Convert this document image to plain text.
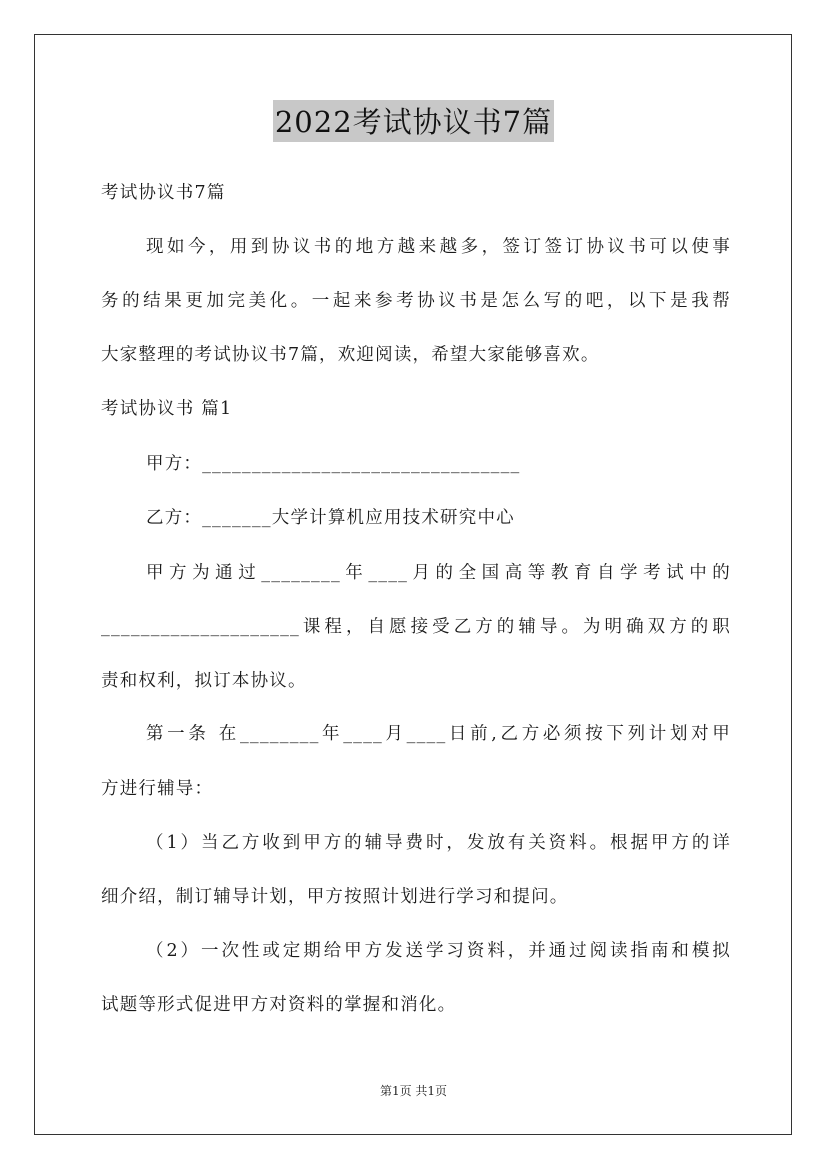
2022考试协议书7篇
考试协议书7篇
现如今，用到协议书的地方越来越多，签订签订协议书可以使事
务的结果更加完美化。一起来参考协议书是怎么写的吧，以下是我帮
大家整理的考试协议书7篇，欢迎阅读，希望大家能够喜欢。
考试协议书 篇1
甲方：________________________________
乙方：_______大学计算机应用技术研究中心
甲方为通过________年____月的全国高等教育自学考试中的
____________________课程，自愿接受乙方的辅导。为明确双方的职
责和权利，拟订本协议。
第一条 在________年____月____日前,乙方必须按下列计划对甲
方进行辅导：
（1）当乙方收到甲方的辅导费时，发放有关资料。根据甲方的详
细介绍，制订辅导计划，甲方按照计划进行学习和提问。
（2）一次性或定期给甲方发送学习资料，并通过阅读指南和模拟
试题等形式促进甲方对资料的掌握和消化。
第1页 共1页
